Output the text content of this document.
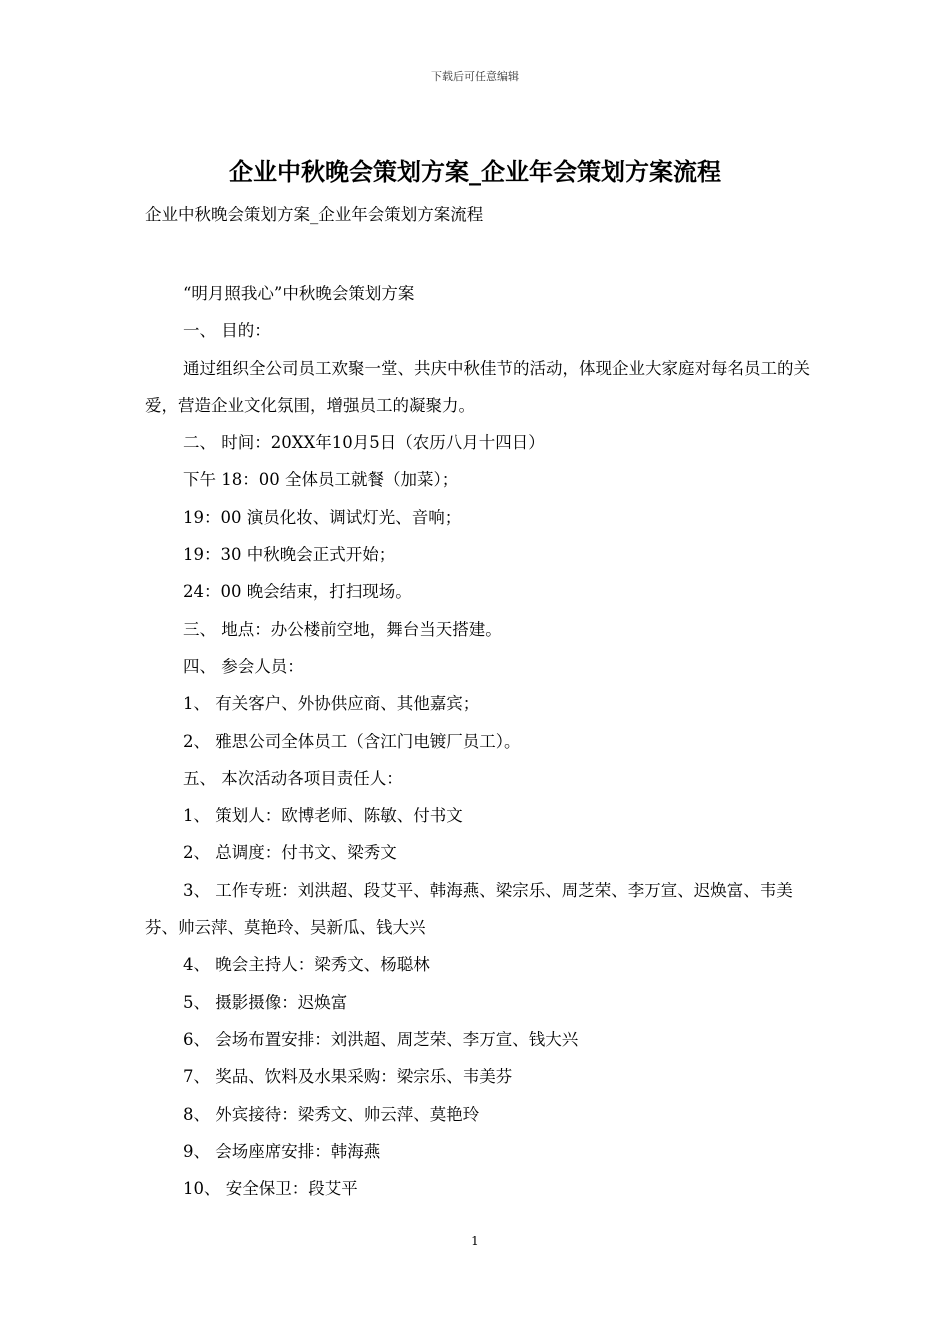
下载后可任意编辑
企业中秋晚会策划方案_企业年会策划方案流程
企业中秋晚会策划方案_企业年会策划方案流程

“明月照我心”中秋晚会策划方案

一、 目的：

通过组织全公司员工欢聚一堂、共庆中秋佳节的活动，体现企业大家庭对每名员工的关爱，营造企业文化氛围，增强员工的凝聚力。

二、 时间：20XX年10月5日（农历八月十四日）

下午 18：00 全体员工就餐（加菜）；

19：00 演员化妆、调试灯光、音响；

19：30 中秋晚会正式开始；

24：00 晚会结束，打扫现场。

三、 地点：办公楼前空地，舞台当天搭建。

四、 参会人员：

1、 有关客户、外协供应商、其他嘉宾；

2、 雅思公司全体员工（含江门电镀厂员工）。

五、 本次活动各项目责任人：

1、 策划人：欧博老师、陈敏、付书文

2、 总调度：付书文、梁秀文

3、 工作专班：刘洪超、段艾平、韩海燕、梁宗乐、周芝荣、李万宣、迟焕富、韦美芬、帅云萍、莫艳玲、吴新瓜、钱大兴

4、 晚会主持人：梁秀文、杨聪林

5、 摄影摄像：迟焕富

6、 会场布置安排：刘洪超、周芝荣、李万宣、钱大兴

7、 奖品、饮料及水果采购：梁宗乐、韦美芬

8、 外宾接待：梁秀文、帅云萍、莫艳玲

9、 会场座席安排：韩海燕

10、 安全保卫：段艾平

1
